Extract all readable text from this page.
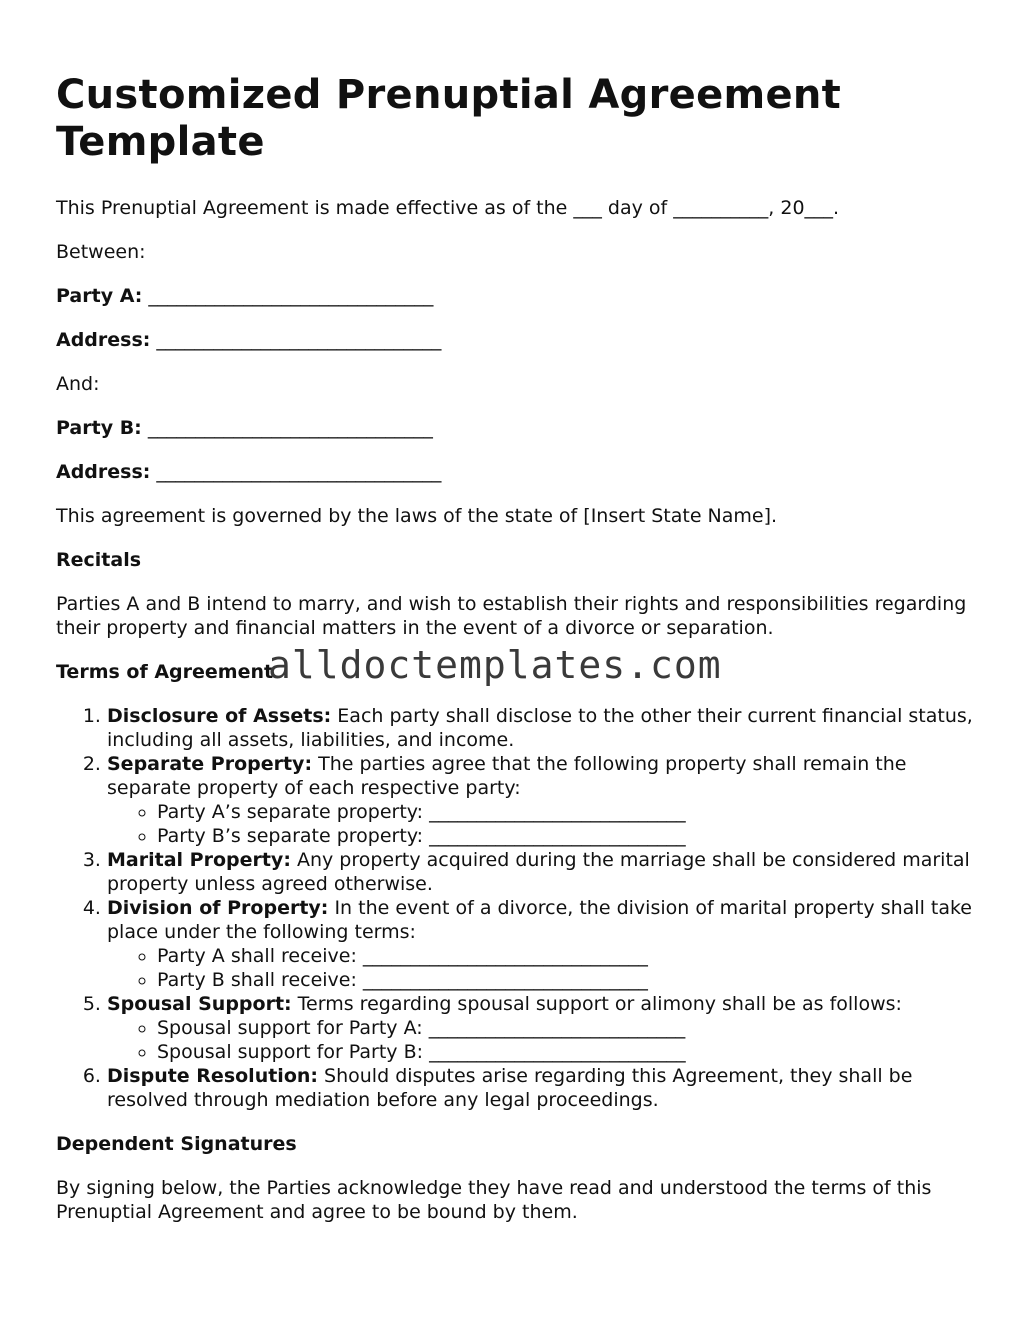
Customized Prenuptial Agreement Template

This Prenuptial Agreement is made effective as of the ___ day of __________, 20___.

Between:

Party A: ______________________________

Address: ______________________________

And:

Party B: ______________________________

Address: ______________________________

This agreement is governed by the laws of the state of [Insert State Name].

Recitals

Parties A and B intend to marry, and wish to establish their rights and responsibilities regarding their property and financial matters in the event of a divorce or separation.

Terms of Agreement
1. Disclosure of Assets: Each party shall disclose to the other their current financial status, including all assets, liabilities, and income.
2. Separate Property: The parties agree that the following property shall remain the separate property of each respective party:
◦ Party A’s separate property: ___________________________
◦ Party B’s separate property: ___________________________
3. Marital Property: Any property acquired during the marriage shall be considered marital property unless agreed otherwise.
4. Division of Property: In the event of a divorce, the division of marital property shall take place under the following terms:
◦ Party A shall receive: ______________________________
◦ Party B shall receive: ______________________________
5. Spousal Support: Terms regarding spousal support or alimony shall be as follows:
◦ Spousal support for Party A: ___________________________
◦ Spousal support for Party B: ___________________________
6. Dispute Resolution: Should disputes arise regarding this Agreement, they shall be resolved through mediation before any legal proceedings.
Dependent Signatures

By signing below, the Parties acknowledge they have read and understood the terms of this Prenuptial Agreement and agree to be bound by them.

alldoctemplates.com
